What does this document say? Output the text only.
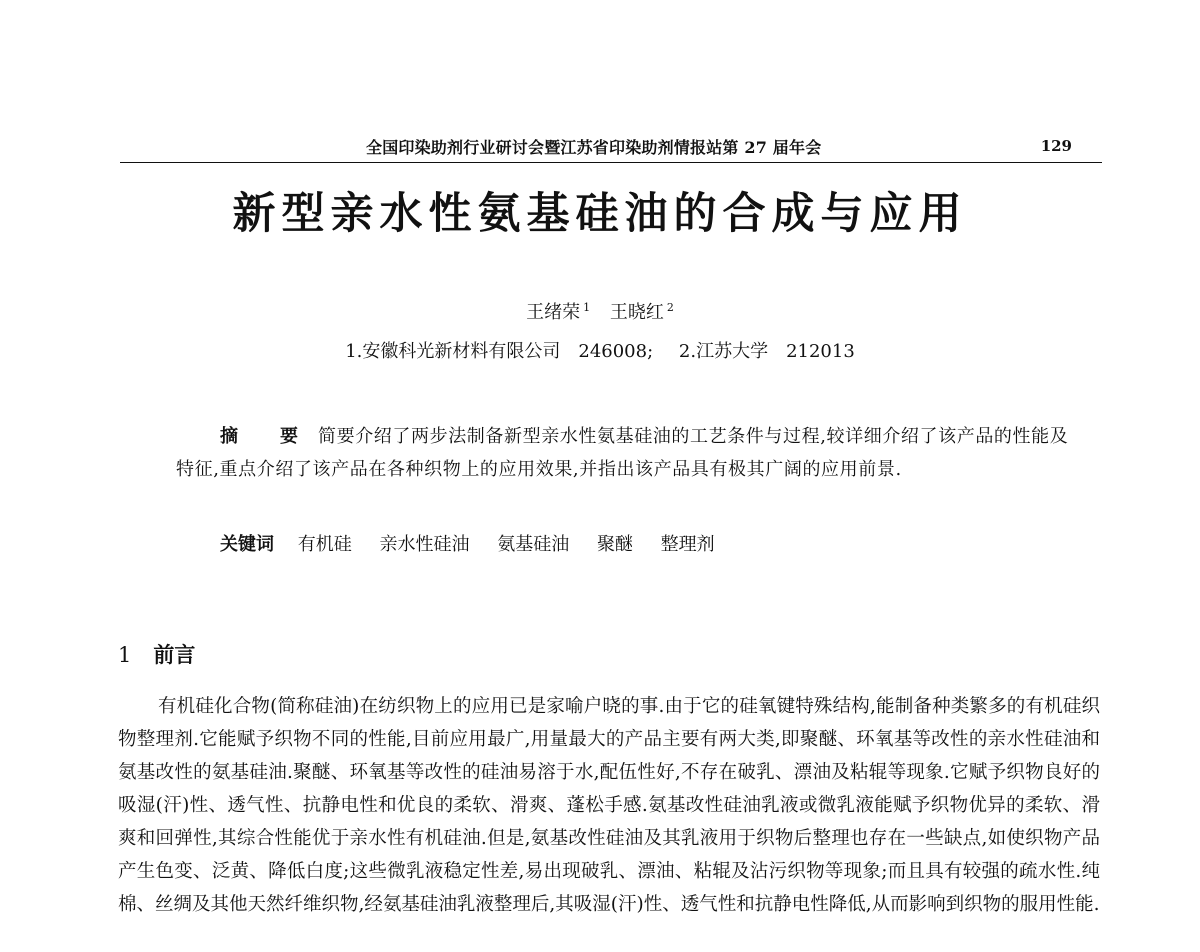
全国印染助剂行业研讨会暨江苏省印染助剂情报站第 27 届年会	129
新型亲水性氨基硅油的合成与应用
王绪荣 $^1$ 王晓红 $^2$
1.安徽科光新材料有限公司　246008; 2.江苏大学　212013
摘　要 简要介绍了两步法制备新型亲水性氨基硅油的工艺条件与过程,较详细介绍了该产品的性能及特征,重点介绍了该产品在各种织物上的应用效果,并指出该产品具有极其广阔的应用前景.
关键词 有机硅 亲水性硅油 氨基硅油 聚醚 整理剂
1 前言
有机硅化合物(简称硅油)在纺织物上的应用已是家喻户晓的事.由于它的硅氧键特殊结构,能制备种类繁多的有机硅织物整理剂.它能赋予织物不同的性能,目前应用最广,用量最大的产品主要有两大类,即聚醚、环氧基等改性的亲水性硅油和氨基改性的氨基硅油.聚醚、环氧基等改性的硅油易溶于水,配伍性好,不存在破乳、漂油及粘辊等现象.它赋予织物良好的吸湿(汗)性、透气性、抗静电性和优良的柔软、滑爽、蓬松手感.氨基改性硅油乳液或微乳液能赋予织物优异的柔软、滑爽和回弹性,其综合性能优于亲水性有机硅油.但是,氨基改性硅油及其乳液用于织物后整理也存在一些缺点,如使织物产品产生色变、泛黄、降低白度;这些微乳液稳定性差,易出现破乳、漂油、粘辊及沾污织物等现象;而且具有较强的疏水性.纯棉、丝绸及其他天然纤维织物,经氨基硅油乳液整理后,其吸湿(汗)性、透气性和抗静电性降低,从而影响到织物的服用性能.
